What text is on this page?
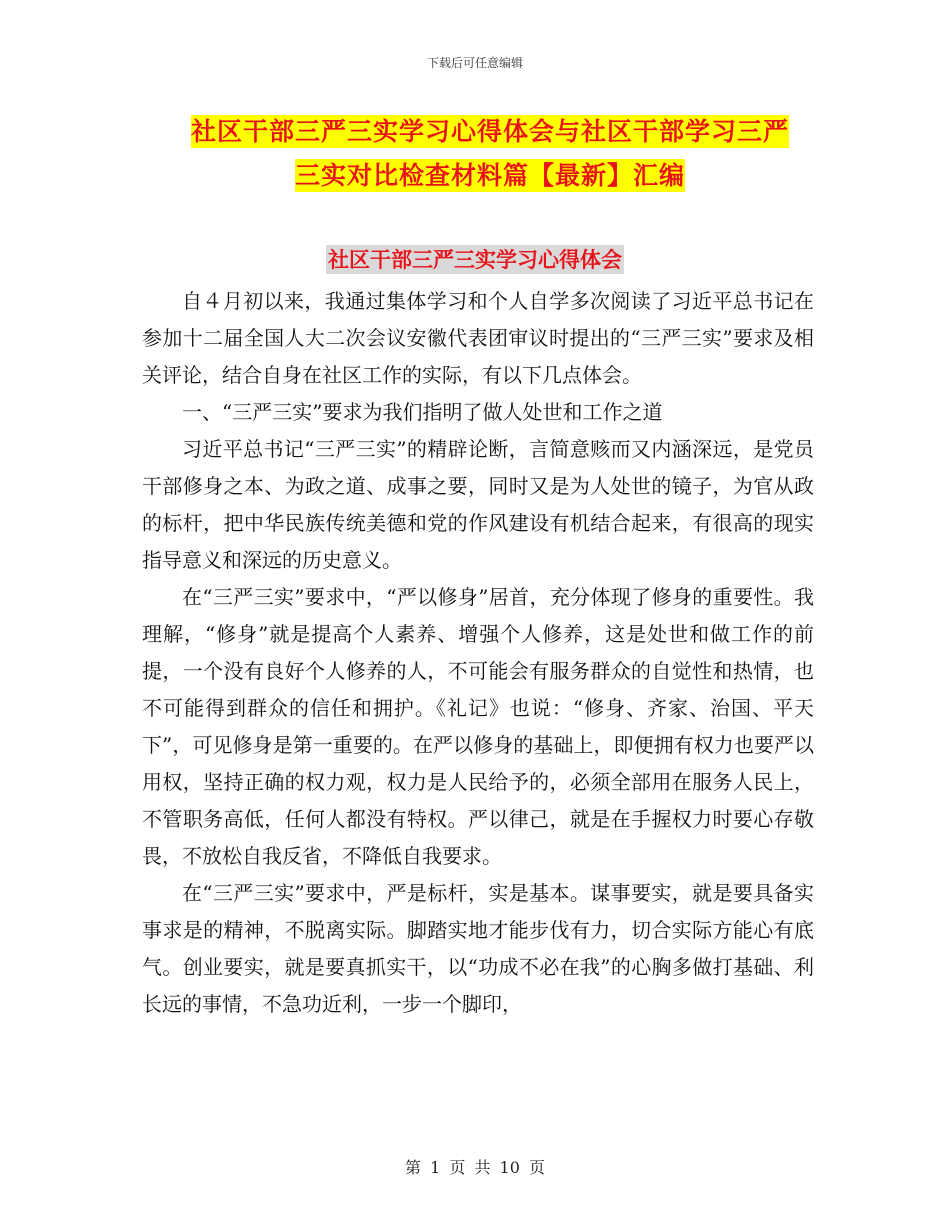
下载后可任意编辑
社区干部三严三实学习心得体会与社区干部学习三严
三实对比检查材料篇【最新】汇编
社区干部三严三实学习心得体会

自４月初以来，我通过集体学习和个人自学多次阅读了习近平总书记在参加十二届全国人大二次会议安徽代表团审议时提出的“三严三实”要求及相关评论，结合自身在社区工作的实际，有以下几点体会。

一、“三严三实”要求为我们指明了做人处世和工作之道

习近平总书记“三严三实”的精辟论断，言简意赅而又内涵深远，是党员干部修身之本、为政之道、成事之要，同时又是为人处世的镜子，为官从政的标杆，把中华民族传统美德和党的作风建设有机结合起来，有很高的现实指导意义和深远的历史意义。

在“三严三实”要求中，“严以修身”居首，充分体现了修身的重要性。我理解，“修身”就是提高个人素养、增强个人修养，这是处世和做工作的前提，一个没有良好个人修养的人，不可能会有服务群众的自觉性和热情，也不可能得到群众的信任和拥护。《礼记》也说：“修身、齐家、治国、平天下”，可见修身是第一重要的。在严以修身的基础上，即便拥有权力也要严以用权，坚持正确的权力观，权力是人民给予的，必须全部用在服务人民上，不管职务高低，任何人都没有特权。严以律己，就是在手握权力时要心存敬畏，不放松自我反省，不降低自我要求。

在“三严三实”要求中，严是标杆，实是基本。谋事要实，就是要具备实事求是的精神，不脱离实际。脚踏实地才能步伐有力，切合实际方能心有底气。创业要实，就是要真抓实干，以“功成不必在我”的心胸多做打基础、利长远的事情，不急功近利，一步一个脚印，

第 1 页 共 10 页
